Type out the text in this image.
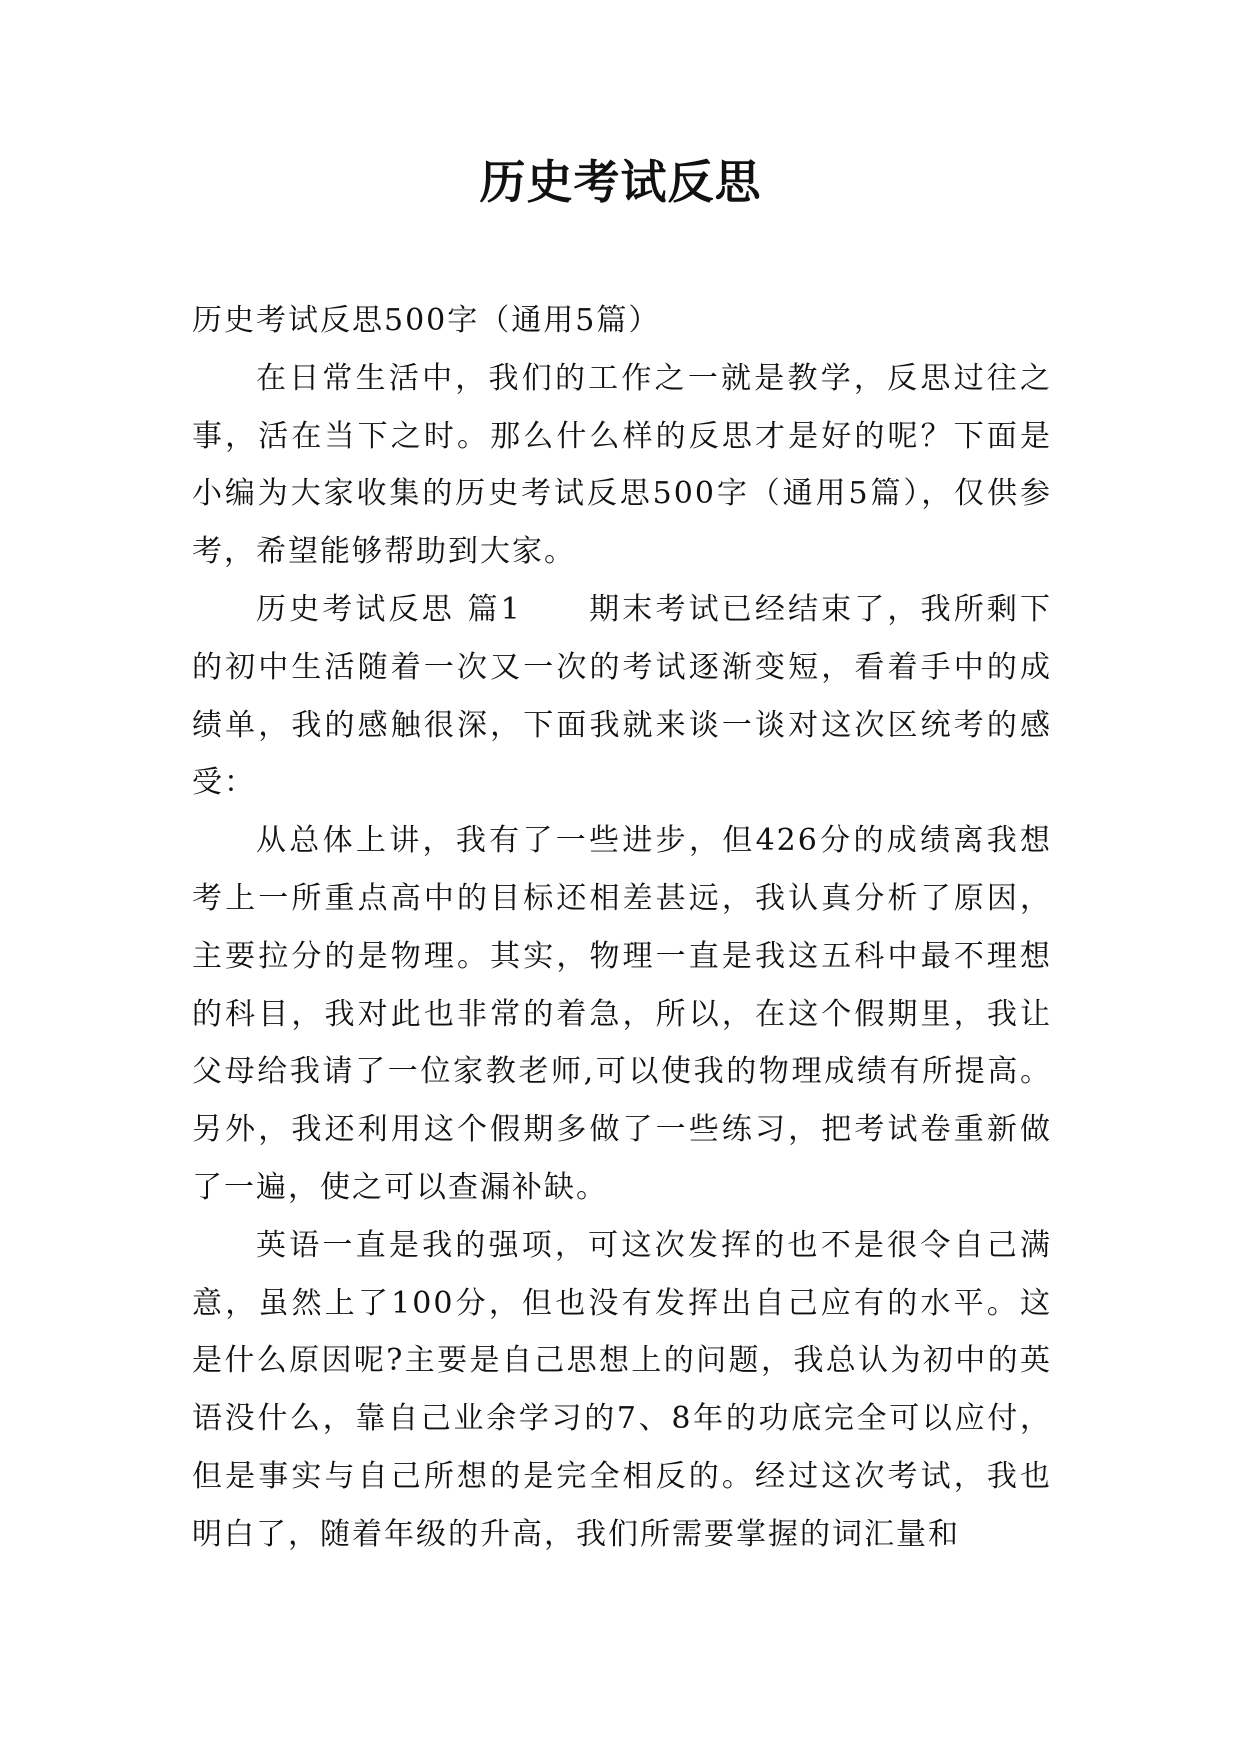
历史考试反思

历史考试反思500字（通用5篇）

在日常生活中，我们的工作之一就是教学，反思过往之事，活在当下之时。那么什么样的反思才是好的呢？下面是小编为大家收集的历史考试反思500字（通用5篇），仅供参考，希望能够帮助到大家。

历史考试反思 篇1　　期末考试已经结束了，我所剩下的初中生活随着一次又一次的考试逐渐变短，看着手中的成绩单，我的感触很深，下面我就来谈一谈对这次区统考的感受：

从总体上讲，我有了一些进步，但426分的成绩离我想考上一所重点高中的目标还相差甚远，我认真分析了原因，主要拉分的是物理。其实，物理一直是我这五科中最不理想的科目，我对此也非常的着急，所以，在这个假期里，我让父母给我请了一位家教老师,可以使我的物理成绩有所提高。另外，我还利用这个假期多做了一些练习，把考试卷重新做了一遍，使之可以查漏补缺。

英语一直是我的强项，可这次发挥的也不是很令自己满意，虽然上了100分，但也没有发挥出自己应有的水平。这是什么原因呢?主要是自己思想上的问题，我总认为初中的英语没什么，靠自己业余学习的7、8年的功底完全可以应付，但是事实与自己所想的是完全相反的。经过这次考试，我也明白了，随着年级的升高，我们所需要掌握的词汇量和
